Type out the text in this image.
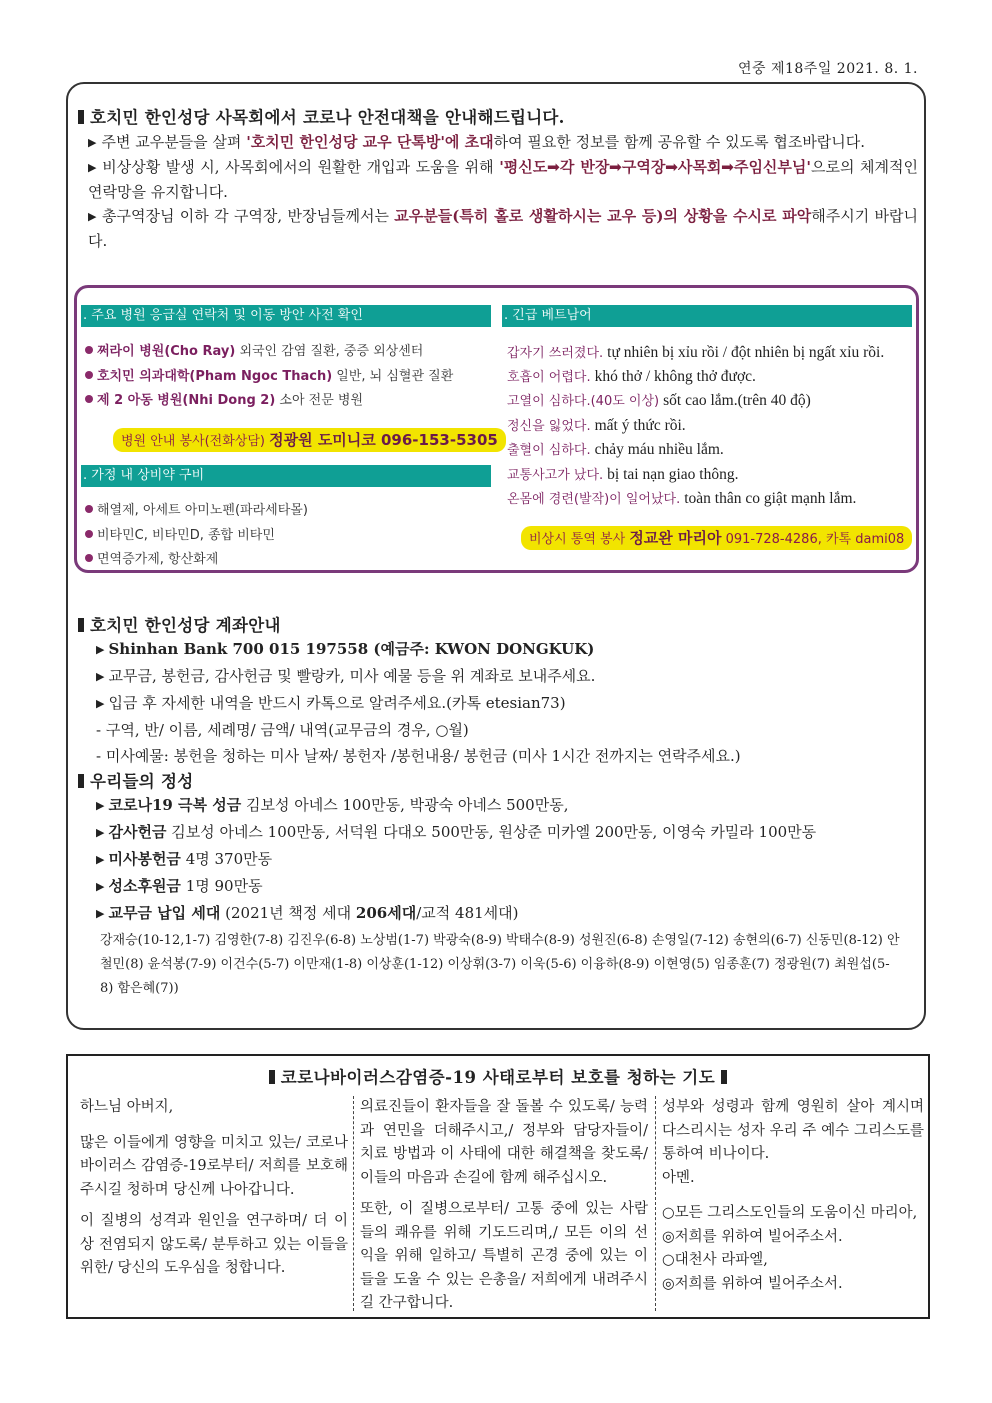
연중 제18주일 2021. 8. 1.
호치민 한인성당 사목회에서 코로나 안전대책을 안내해드립니다.
▶ 주변 교우분들을 살펴 '호치민 한인성당 교우 단톡방'에 초대하여 필요한 정보를 함께 공유할 수 있도록 협조바랍니다.
▶ 비상상황 발생 시, 사목회에서의 원활한 개입과 도움을 위해 '평신도➟각 반장➟구역장➟사목회➟주임신부님'으로의 체계적인 연락망을 유지합니다.
▶ 총구역장님 이하 각 구역장, 반장님들께서는 교우분들(특히 홀로 생활하시는 교우 등)의 상황을 수시로 파악해주시기 바랍니다.
. 주요 병원 응급실 연락처 및 이동 방안 사전 확인
쩌라이 병원(Cho Ray) 외국인 감염 질환, 중증 외상센터
호치민 의과대학(Pham Ngoc Thach) 일반, 뇌 심혈관 질환
제 2 아동 병원(Nhi Dong 2) 소아 전문 병원
병원 안내 봉사(전화상담) 정광원 도미니코 096-153-5305
. 가정 내 상비약 구비
해열제, 아세트 아미노펜(파라세타몰)
비타민C, 비타민D, 종합 비타민
면역증가제, 항산화제
. 긴급 베트남어
갑자기 쓰러졌다. tự nhiên bị xỉu rồi / đột nhiên bị ngất xỉu rồi.
호흡이 어렵다. khó thở / không thở được.
고열이 심하다.(40도 이상) sốt cao lắm.(trên 40 độ)
정신을 잃었다. mất ý thức rồi.
출혈이 심하다. chảy máu nhiều lắm.
교통사고가 났다. bị tai nạn giao thông.
온몸에 경련(발작)이 일어났다. toàn thân co giật mạnh lắm.
비상시 통역 봉사 정교완 마리아 091-728-4286, 카톡 dami08
호치민 한인성당 계좌안내
▶ Shinhan Bank 700 015 197558 (예금주: KWON DONGKUK)
▶ 교무금, 봉헌금, 감사헌금 및 빨랑카, 미사 예물 등을 위 계좌로 보내주세요.
▶ 입금 후 자세한 내역을 반드시 카톡으로 알려주세요.(카톡 etesian73)
- 구역, 반/ 이름, 세례명/ 금액/ 내역(교무금의 경우, ○월)
- 미사예물: 봉헌을 청하는 미사 날짜/ 봉헌자 /봉헌내용/ 봉헌금 (미사 1시간 전까지는 연락주세요.)
우리들의 정성
▶ 코로나19 극복 성금 김보성 아네스 100만동, 박광숙 아네스 500만동,
▶ 감사헌금 김보성 아네스 100만동, 서덕원 다대오 500만동, 원상준 미카엘 200만동, 이영숙 카밀라 100만동
▶ 미사봉헌금 4명 370만동
▶ 성소후원금 1명 90만동
▶ 교무금 납입 세대 (2021년 책정 세대 206세대/교적 481세대)
강재승(10-12,1-7) 김영한(7-8) 김진우(6-8) 노상범(1-7) 박광숙(8-9) 박태수(8-9) 성원진(6-8) 손영일(7-12) 송현의(6-7) 신동민(8-12) 안철민(8) 윤석봉(7-9) 이건수(5-7) 이만재(1-8) 이상훈(1-12) 이상휘(3-7) 이욱(5-6) 이융하(8-9) 이현영(5) 임종훈(7) 정광원(7) 최원섭(5-8) 함은혜(7))
코로나바이러스감염증-19 사태로부터 보호를 청하는 기도

하느님 아버지,

많은 이들에게 영향을 미치고 있는/ 코로나 바이러스 감염증-19로부터/ 저희를 보호해주시길 청하며 당신께 나아갑니다.

이 질병의 성격과 원인을 연구하며/ 더 이상 전염되지 않도록/ 분투하고 있는 이들을 위한/ 당신의 도우심을 청합니다.

의료진들이 환자들을 잘 돌볼 수 있도록/ 능력과 연민을 더해주시고,/ 정부와 담당자들이/ 치료 방법과 이 사태에 대한 해결책을 찾도록/ 이들의 마음과 손길에 함께 해주십시오.

또한, 이 질병으로부터/ 고통 중에 있는 사람들의 쾌유를 위해 기도드리며,/ 모든 이의 선익을 위해 일하고/ 특별히 곤경 중에 있는 이들을 도울 수 있는 은총을/ 저희에게 내려주시길 간구합니다.

성부와 성령과 함께 영원히 살아 계시며 다스리시는 성자 우리 주 예수 그리스도를 통하여 비나이다.

아멘.

○모든 그리스도인들의 도움이신 마리아,

◎저희를 위하여 빌어주소서.

○대천사 라파엘,

◎저희를 위하여 빌어주소서.
